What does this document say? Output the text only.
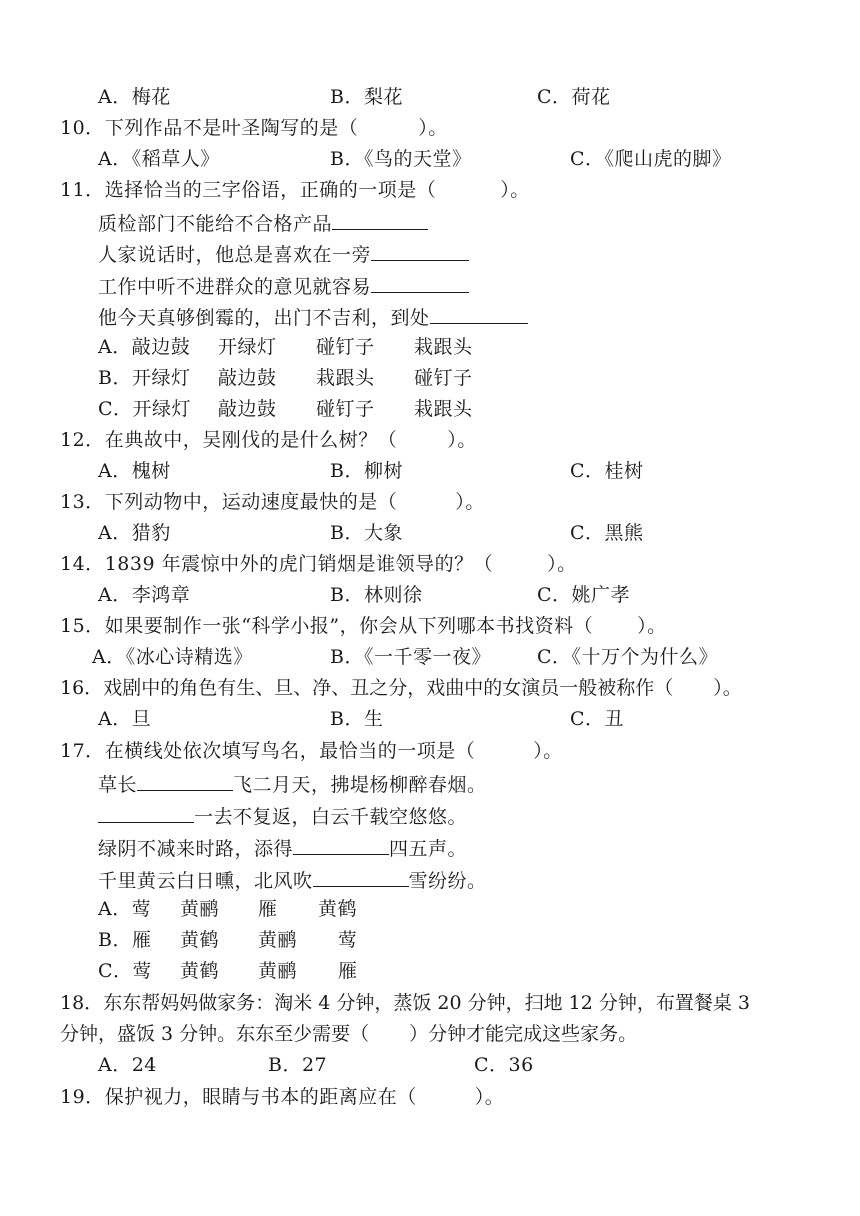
A．梅花	B．梨花	C．荷花
10．下列作品不是叶圣陶写的是（	）。
A．《稻草人》	B．《鸟的天堂》	C．《爬山虎的脚》
11．选择恰当的三字俗语，正确的一项是（	）。
质检部门不能给不合格产品
人家说话时，他总是喜欢在一旁
工作中听不进群众的意见就容易
他今天真够倒霉的，出门不吉利，到处
A．敲边鼓 开绿灯 碰钉子 栽跟头
B．开绿灯 敲边鼓 栽跟头 碰钉子
C．开绿灯 敲边鼓 碰钉子 栽跟头
12．在典故中，吴刚伐的是什么树？（	）。
A．槐树	B．柳树	C．桂树
13．下列动物中，运动速度最快的是（	）。
A．猎豹	B．大象	C．黑熊
14．1839 年震惊中外的虎门销烟是谁领导的？（	）。
A．李鸿章	B．林则徐	C．姚广孝
15．如果要制作一张“科学小报”，你会从下列哪本书找资料（ ）。
A．《冰心诗精选》	B．《一千零一夜》 C．《十万个为什么》
16．戏剧中的角色有生、旦、净、丑之分，戏曲中的女演员一般被称作（ ）。
A．旦	B．生	C．丑
17．在横线处依次填写鸟名，最恰当的一项是（	）。
草长	飞二月天，拂堤杨柳醉春烟。
一去不复返，白云千载空悠悠。
绿阴不减来时路，添得	四五声。
千里黄云白日曛，北风吹	雪纷纷。
A．莺 黄鹂 雁 黄鹤
B．雁 黄鹤 黄鹂 莺
C．莺 黄鹤 黄鹂 雁
18．东东帮妈妈做家务：淘米 4 分钟，蒸饭 20 分钟，扫地 12 分钟，布置餐桌 3
分钟，盛饭 3 分钟。东东至少需要（ ）分钟才能完成这些家务。
A．24	B．27	C．36
19．保护视力，眼睛与书本的距离应在（	）。
